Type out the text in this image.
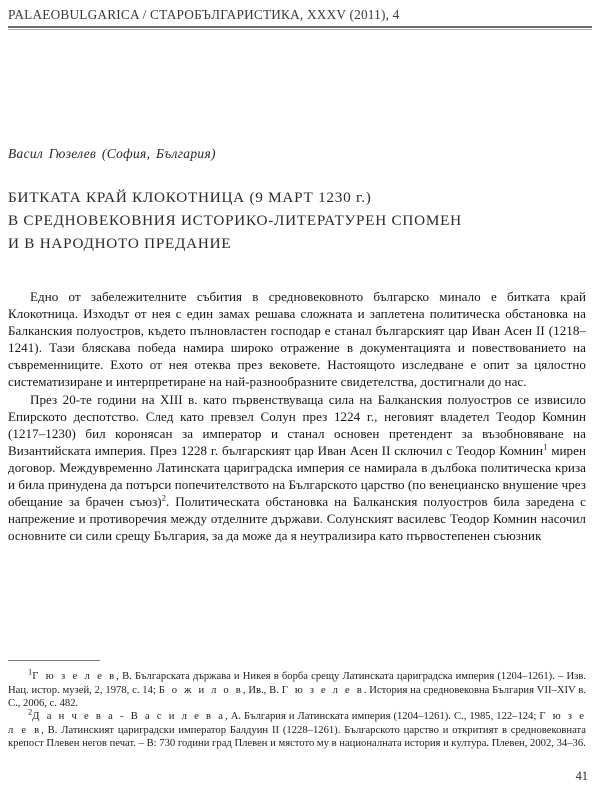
PALAEOBULGARICA / СТАРОБЪЛГАРИСТИКА, XXXV (2011), 4
Васил Гюзелев (София, България)
БИТКАТА КРАЙ КЛОКОТНИЦА (9 МАРТ 1230 г.)
В СРЕДНОВЕКОВНИЯ ИСТОРИКО-ЛИТЕРАТУРЕН СПОМЕН
И В НАРОДНОТО ПРЕДАНИЕ

Едно от забележителните събития в средновековното българско минало е битката край Клокотница. Изходът от нея с един замах решава сложната и заплетена политическа обстановка на Балканския полуостров, където пълновластен господар е станал българският цар Иван Асен II (1218–1241). Тази бляскава победа намира широко отражение в документацията и повествованието на съвременниците. Ехото от нея отеква през вековете. Настоящото изследване е опит за цялостно систематизиране и интерпретиране на най-разнообразните свидетелства, достигнали до нас.

През 20-те години на XIII в. като първенствуваща сила на Балканския полуостров се извисило Епирското деспотство. След като превзел Солун през 1224 г., неговият владетел Теодор Комнин (1217–1230) бил коронясан за император и станал основен претендент за възобновяване на Византийската империя. През 1228 г. българският цар Иван Асен II сключил с Теодор Комнин$^1$ мирен договор. Междувременно Латинската цариградска империя се намирала в дълбока политическа криза и била принудена да потърси попечителството на Българското царство (по венецианско внушение чрез обещание за брачен съюз)$^2$. Политическата обстановка на Балканския полуостров била заредена с напрежение и противоречия между отделните държави. Солунският василевс Теодор Комнин насочил основните си сили срещу България, за да може да я неутрализира като първостепенен съюзник

$^1$Г ю з е л е в, В. Българската държава и Никея в борба срещу Латинската цариградска империя (1204–1261). – Изв. Нац. истор. музей, 2, 1978, с. 14; Б о ж и л о в, Ив., В. Г ю з е л е в. История на средновековна България VII–XIV в. С., 2006, с. 482.

$^2$Д а н ч е в а - В а с и л е в а, А. България и Латинската империя (1204–1261). С., 1985, 122–124; Г ю з е л е в, В. Латинският цариградски император Балдуин II (1228–1261). Българското царство и откритият в средновековната крепост Плевен негов печат. – В: 730 години град Плевен и мястото му в националната история и култура. Плевен, 2002, 34–36.

41
